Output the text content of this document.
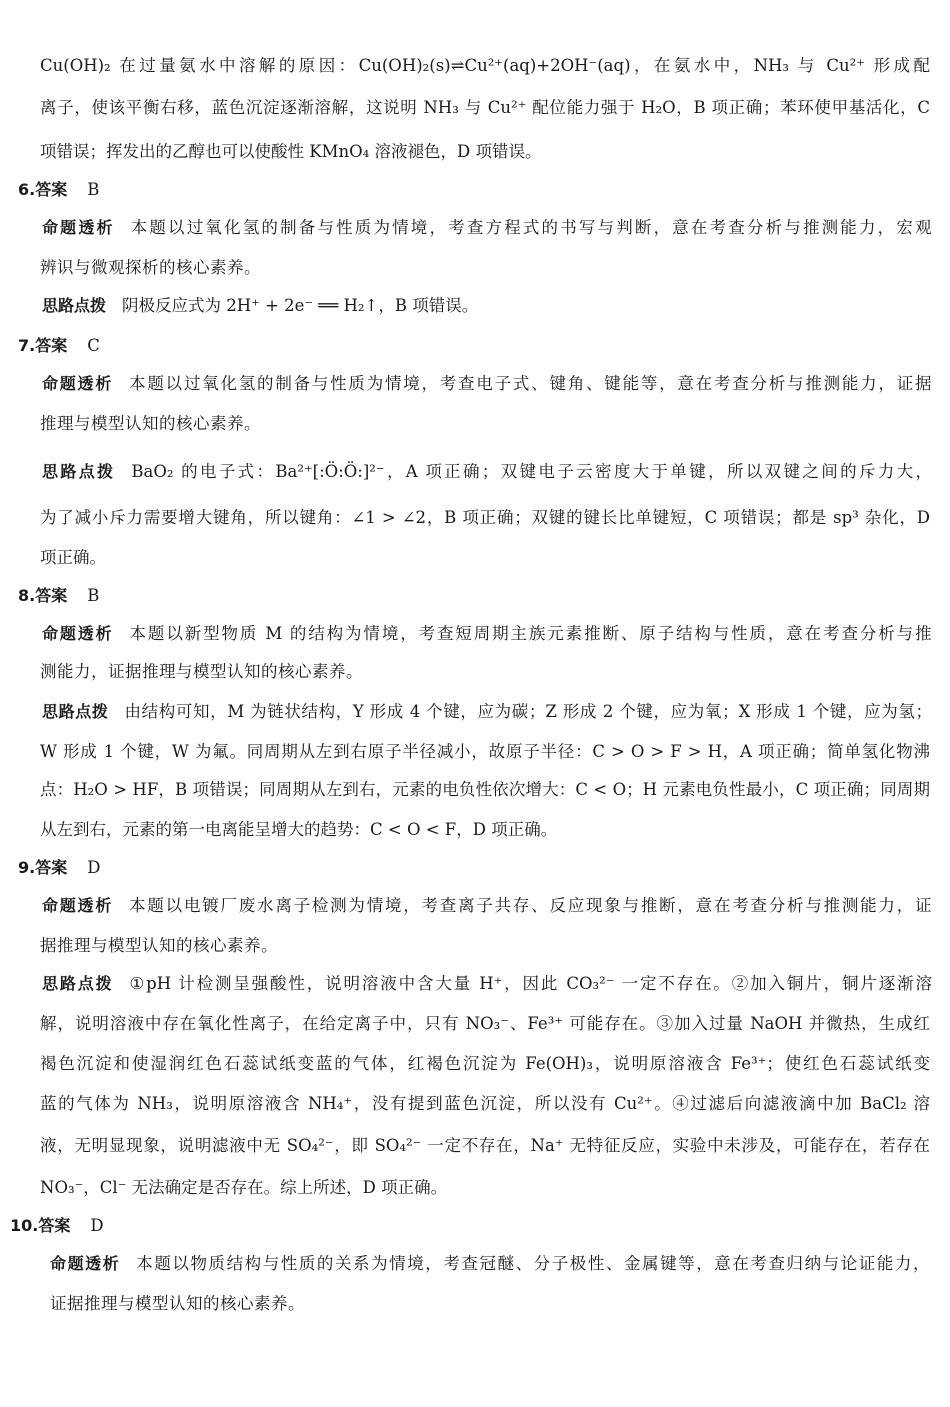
Cu(OH)₂ 在过量氨水中溶解的原因：Cu(OH)₂(s)⇌Cu²⁺(aq)+2OH⁻(aq)，在氨水中，NH₃ 与 Cu²⁺ 形成配
离子，使该平衡右移，蓝色沉淀逐渐溶解，这说明 NH₃ 与 Cu²⁺ 配位能力强于 H₂O，B 项正确；苯环使甲基活化，C
项错误；挥发出的乙醇也可以使酸性 KMnO₄ 溶液褪色，D 项错误。
6.答案 B
命题透析 本题以过氧化氢的制备与性质为情境，考查方程式的书写与判断，意在考查分析与推测能力，宏观
辨识与微观探析的核心素养。
思路点拨 阴极反应式为 2H⁺ + 2e⁻ ══ H₂↑，B 项错误。
7.答案 C
命题透析 本题以过氧化氢的制备与性质为情境，考查电子式、键角、键能等，意在考查分析与推测能力，证据
推理与模型认知的核心素养。
思路点拨 BaO₂ 的电子式：Ba²⁺[:Ö:Ö:]²⁻，A 项正确；双键电子云密度大于单键，所以双键之间的斥力大，
为了减小斥力需要增大键角，所以键角：∠1 > ∠2，B 项正确；双键的键长比单键短，C 项错误；都是 sp³ 杂化，D
项正确。
8.答案 B
命题透析 本题以新型物质 M 的结构为情境，考查短周期主族元素推断、原子结构与性质，意在考查分析与推
测能力，证据推理与模型认知的核心素养。
思路点拨 由结构可知，M 为链状结构，Y 形成 4 个键，应为碳；Z 形成 2 个键，应为氧；X 形成 1 个键，应为氢；
W 形成 1 个键，W 为氟。同周期从左到右原子半径减小，故原子半径：C > O > F > H，A 项正确；简单氢化物沸
点：H₂O > HF，B 项错误；同周期从左到右，元素的电负性依次增大：C < O；H 元素电负性最小，C 项正确；同周期
从左到右，元素的第一电离能呈增大的趋势：C < O < F，D 项正确。
9.答案 D
命题透析 本题以电镀厂废水离子检测为情境，考查离子共存、反应现象与推断，意在考查分析与推测能力，证
据推理与模型认知的核心素养。
思路点拨 ①pH 计检测呈强酸性，说明溶液中含大量 H⁺，因此 CO₃²⁻ 一定不存在。②加入铜片，铜片逐渐溶
解，说明溶液中存在氧化性离子，在给定离子中，只有 NO₃⁻、Fe³⁺ 可能存在。③加入过量 NaOH 并微热，生成红
褐色沉淀和使湿润红色石蕊试纸变蓝的气体，红褐色沉淀为 Fe(OH)₃，说明原溶液含 Fe³⁺；使红色石蕊试纸变
蓝的气体为 NH₃，说明原溶液含 NH₄⁺，没有提到蓝色沉淀，所以没有 Cu²⁺。④过滤后向滤液滴中加 BaCl₂ 溶
液，无明显现象，说明滤液中无 SO₄²⁻，即 SO₄²⁻ 一定不存在，Na⁺ 无特征反应，实验中未涉及，可能存在，若存在
NO₃⁻，Cl⁻ 无法确定是否存在。综上所述，D 项正确。
10.答案 D
命题透析 本题以物质结构与性质的关系为情境，考查冠醚、分子极性、金属键等，意在考查归纳与论证能力，
证据推理与模型认知的核心素养。
